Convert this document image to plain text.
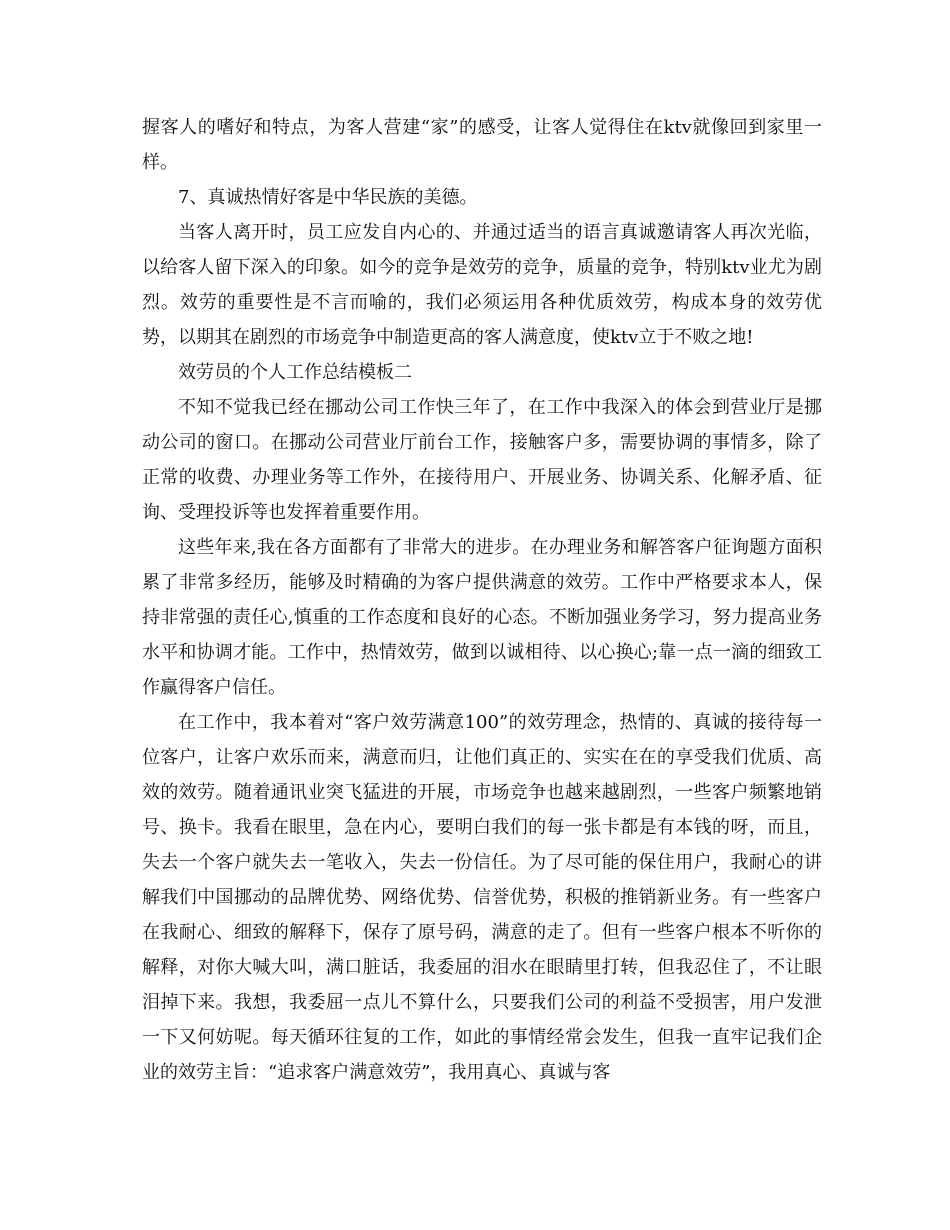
握客人的嗜好和特点，为客人营建“家”的感受，让客人觉得住在ktv就像回到家里一样。

7、真诚热情好客是中华民族的美德。

当客人离开时，员工应发自内心的、并通过适当的语言真诚邀请客人再次光临，以给客人留下深入的印象。如今的竞争是效劳的竞争，质量的竞争，特别ktv业尤为剧烈。效劳的重要性是不言而喻的，我们必须运用各种优质效劳，构成本身的效劳优势，以期其在剧烈的市场竞争中制造更高的客人满意度，使ktv立于不败之地!

效劳员的个人工作总结模板二

不知不觉我已经在挪动公司工作快三年了，在工作中我深入的体会到营业厅是挪动公司的窗口。在挪动公司营业厅前台工作，接触客户多，需要协调的事情多，除了正常的收费、办理业务等工作外，在接待用户、开展业务、协调关系、化解矛盾、征询、受理投诉等也发挥着重要作用。

这些年来,我在各方面都有了非常大的进步。在办理业务和解答客户征询题方面积累了非常多经历，能够及时精确的为客户提供满意的效劳。工作中严格要求本人，保持非常强的责任心,慎重的工作态度和良好的心态。不断加强业务学习，努力提高业务水平和协调才能。工作中，热情效劳，做到以诚相待、以心换心;靠一点一滴的细致工作赢得客户信任。

在工作中，我本着对“客户效劳满意100”的效劳理念，热情的、真诚的接待每一位客户，让客户欢乐而来，满意而归，让他们真正的、实实在在的享受我们优质、高效的效劳。随着通讯业突飞猛进的开展，市场竞争也越来越剧烈，一些客户频繁地销号、换卡。我看在眼里，急在内心，要明白我们的每一张卡都是有本钱的呀，而且，失去一个客户就失去一笔收入，失去一份信任。为了尽可能的保住用户，我耐心的讲解我们中国挪动的品牌优势、网络优势、信誉优势，积极的推销新业务。有一些客户在我耐心、细致的解释下，保存了原号码，满意的走了。但有一些客户根本不听你的解释，对你大喊大叫，满口脏话，我委屈的泪水在眼睛里打转，但我忍住了，不让眼泪掉下来。我想，我委屈一点儿不算什么，只要我们公司的利益不受损害，用户发泄一下又何妨呢。每天循环往复的工作，如此的事情经常会发生，但我一直牢记我们企业的效劳主旨：“追求客户满意效劳”，我用真心、真诚与客
